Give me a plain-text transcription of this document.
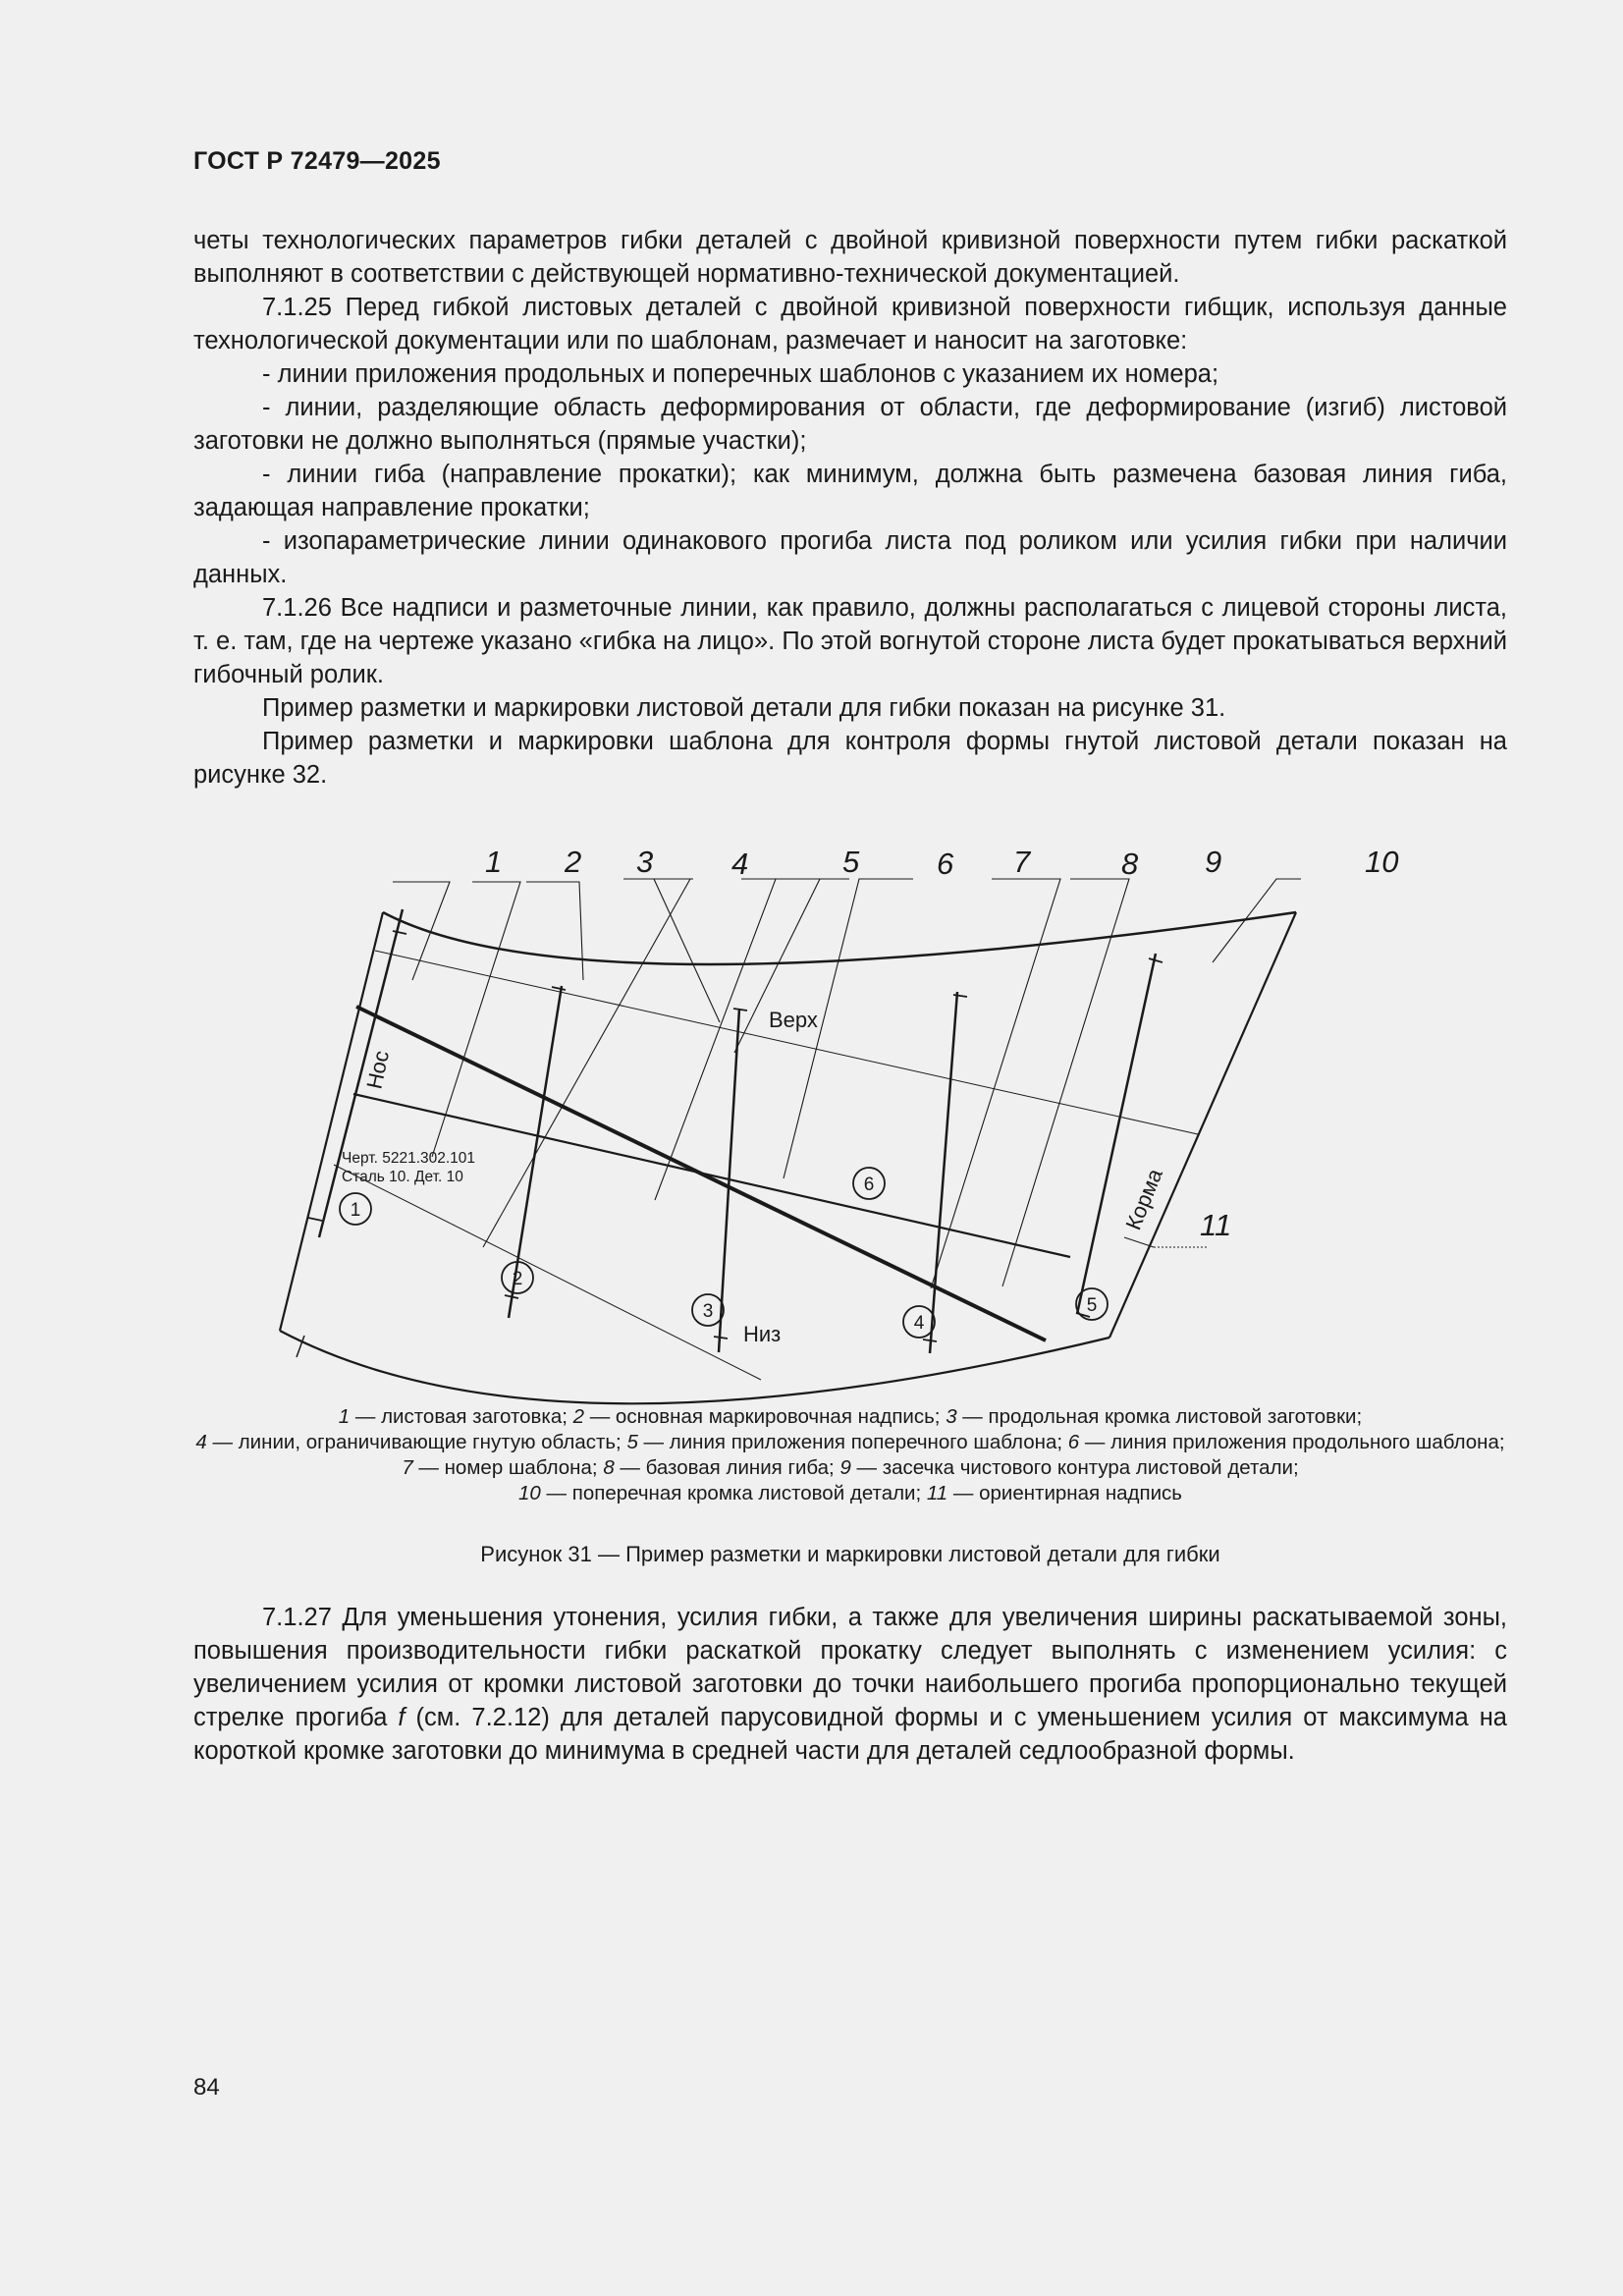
ГОСТ Р 72479—2025

четы технологических параметров гибки деталей с двойной кривизной поверхности путем гибки раскаткой выполняют в соответствии с действующей нормативно-технической документацией.

7.1.25 Перед гибкой листовых деталей с двойной кривизной поверхности гибщик, используя данные технологической документации или по шаблонам, размечает и наносит на заготовке:

- линии приложения продольных и поперечных шаблонов с указанием их номера;

- линии, разделяющие область деформирования от области, где деформирование (изгиб) листовой заготовки не должно выполняться (прямые участки);

- линии гиба (направление прокатки); как минимум, должна быть размечена базовая линия гиба, задающая направление прокатки;

- изопараметрические линии одинакового прогиба листа под роликом или усилия гибки при наличии данных.

7.1.26 Все надписи и разметочные линии, как правило, должны располагаться с лицевой стороны листа, т. е. там, где на чертеже указано «гибка на лицо». По этой вогнутой стороне листа будет прокатываться верхний гибочный ролик.

Пример разметки и маркировки листовой детали для гибки показан на рисунке 31.

Пример разметки и маркировки шаблона для контроля формы гнутой листовой детали показан на рисунке 32.

1 2 3	4	5	6 7	8 9	10
11
Верх
Низ
Нос
Корма
Черт. 5221.302.101
Сталь 10. Дет. 10
1
2
3
4
5
6
1 — листовая заготовка; 2 — основная маркировочная надпись; 3 — продольная кромка листовой заготовки;
4 — линии, ограничивающие гнутую область; 5 — линия приложения поперечного шаблона; 6 — линия приложения продольного шаблона; 7 — номер шаблона; 8 — базовая линия гиба; 9 — засечка чистового контура листовой детали;
10 — поперечная кромка листовой детали; 11 — ориентирная надпись
Рисунок 31 — Пример разметки и маркировки листовой детали для гибки

7.1.27 Для уменьшения утонения, усилия гибки, а также для увеличения ширины раскатываемой зоны, повышения производительности гибки раскаткой прокатку следует выполнять с изменением усилия: с увеличением усилия от кромки листовой заготовки до точки наибольшего прогиба пропорционально текущей стрелке прогиба f (см. 7.2.12) для деталей парусовидной формы и с уменьшением усилия от максимума на короткой кромке заготовки до минимума в средней части для деталей седлообразной формы.

84
